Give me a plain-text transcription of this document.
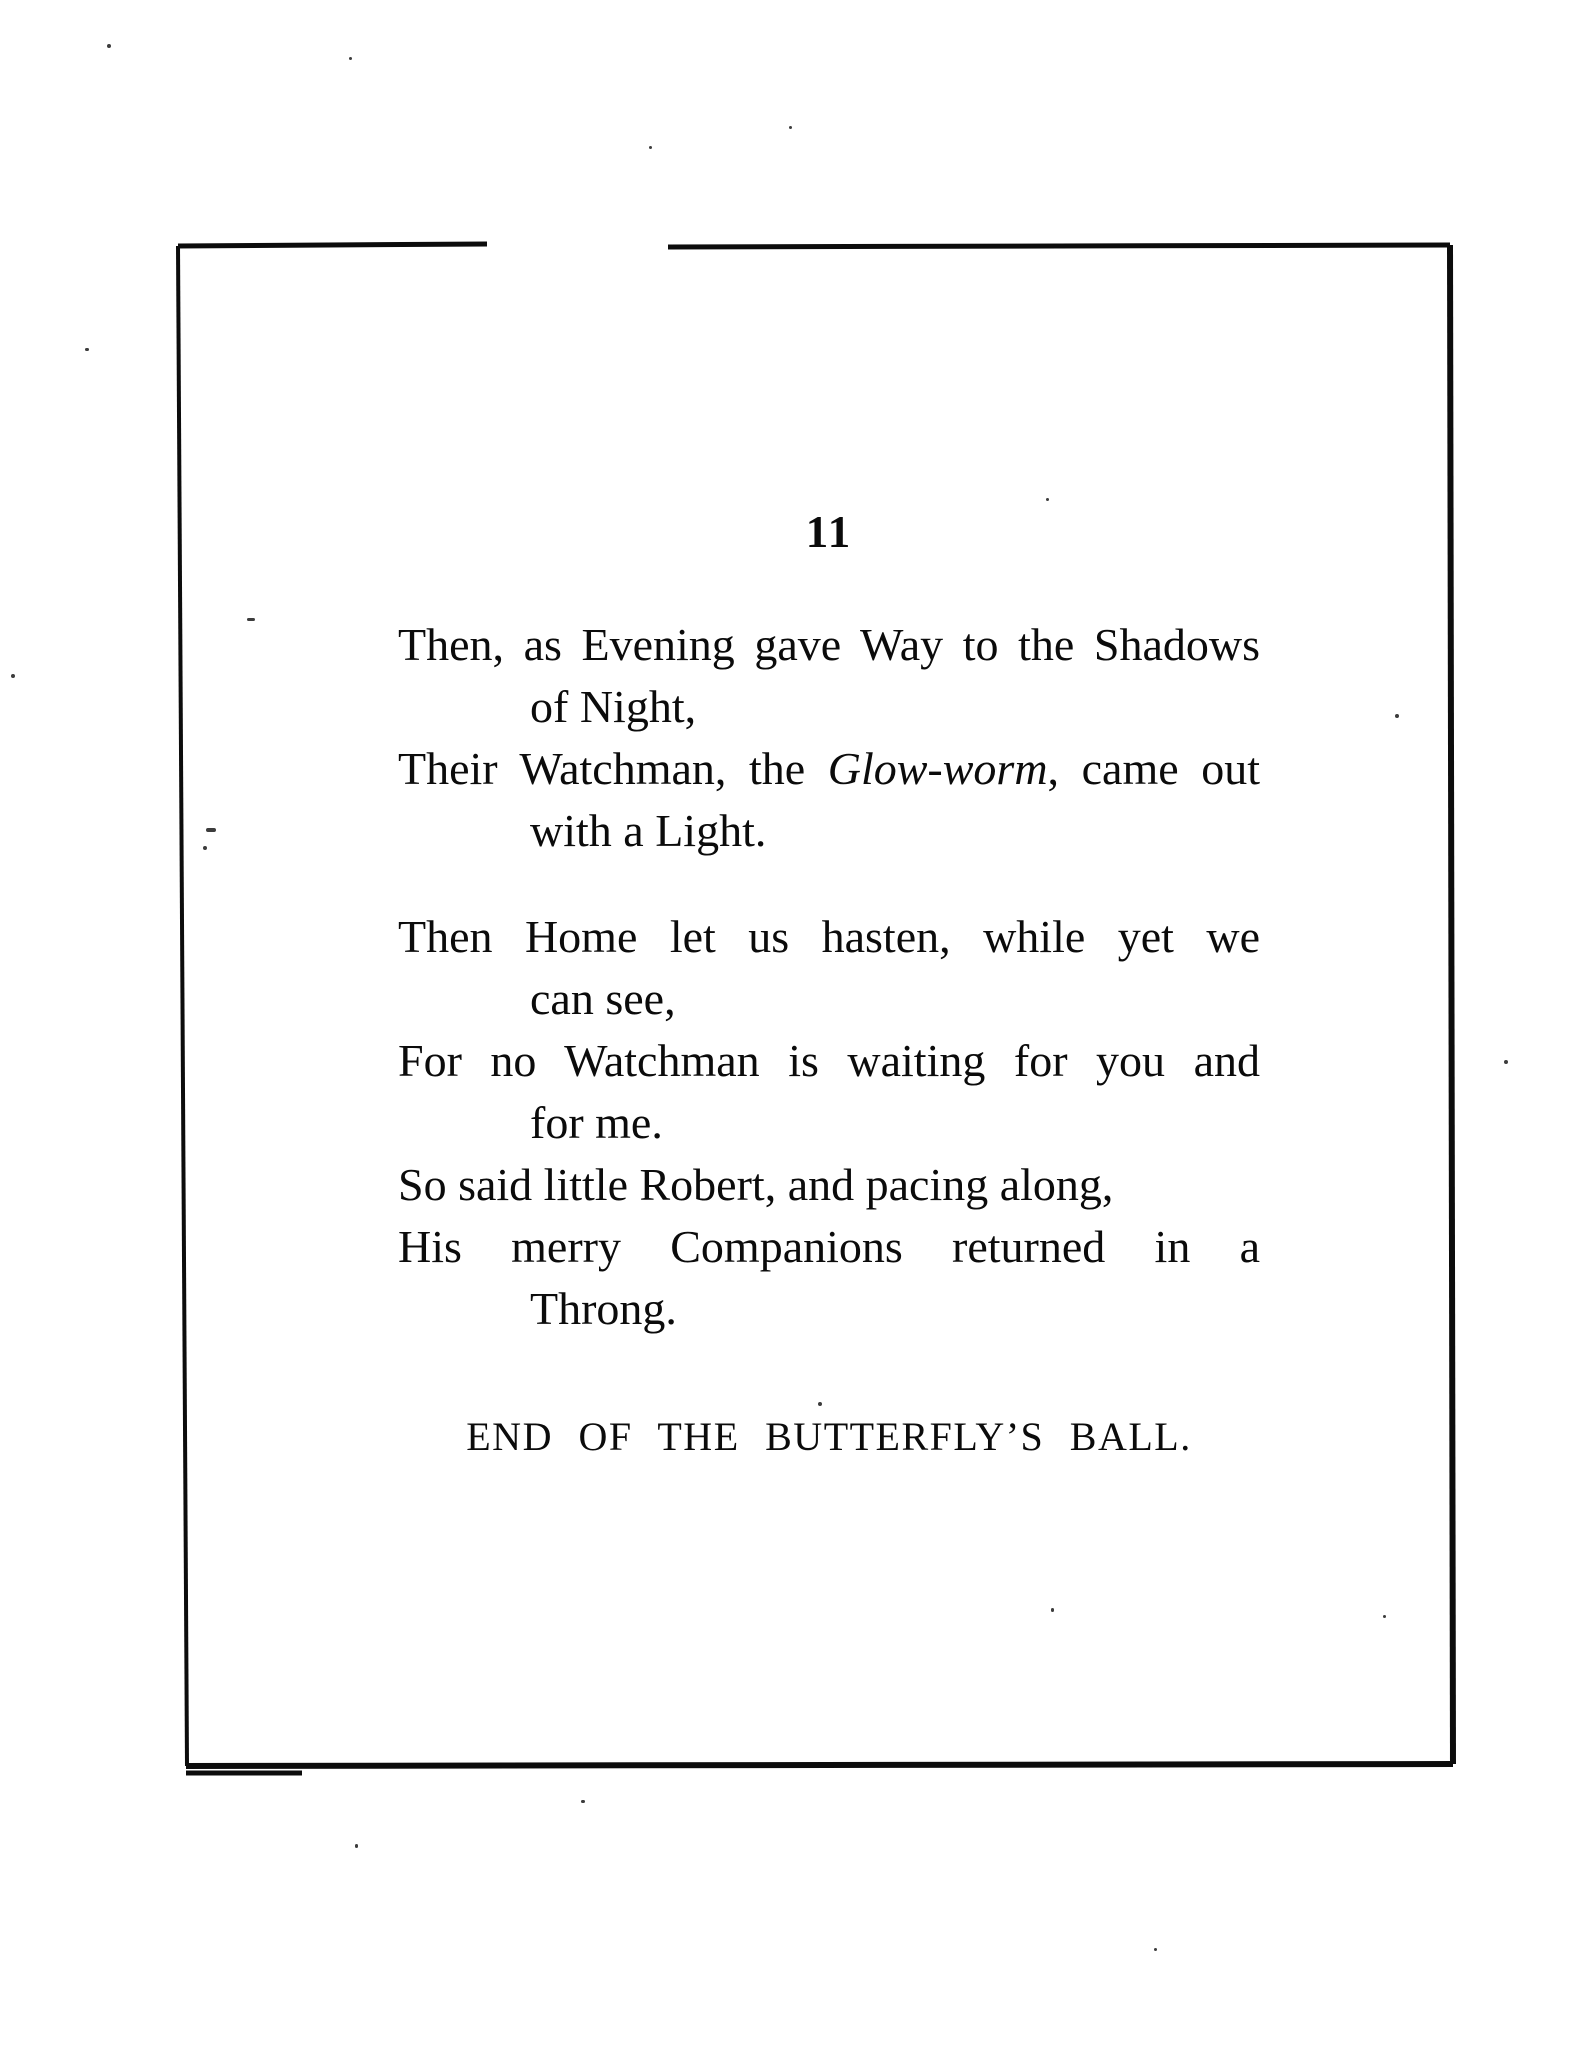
11
Then, as Evening gave Way to the Shadows
of Night,
Their Watchman, the Glow-worm, came out
with a Light.
Then Home let us hasten, while yet we
can see,
For no Watchman is waiting for you and
for me.
So said little Robert, and pacing along,
His merry Companions returned in a
Throng.
END OF THE BUTTERFLY’S BALL.
